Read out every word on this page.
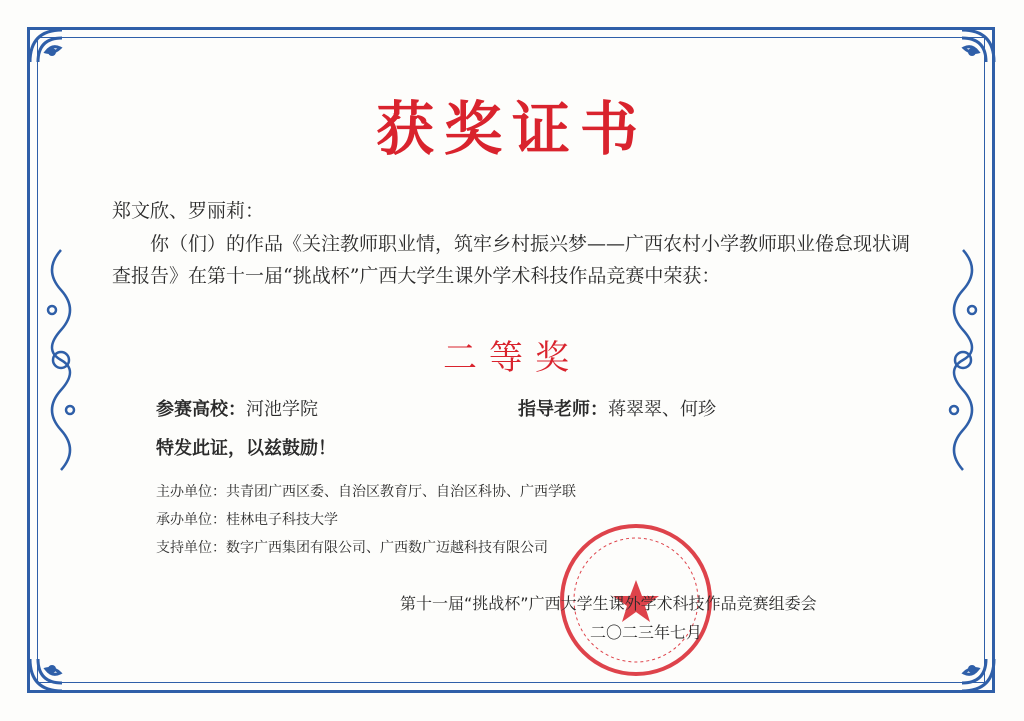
获奖证书
郑文欣、罗丽莉：
你（们）的作品《关注教师职业情，筑牢乡村振兴梦——广西农村小学教师职业倦怠现状调查报告》在第十一届“挑战杯”广西大学生课外学术科技作品竞赛中荣获：
二等奖
参赛高校：河池学院	指导老师：蒋翠翠、何珍
特发此证，以兹鼓励！
主办单位：共青团广西区委、自治区教育厅、自治区科协、广西学联
承办单位：桂林电子科技大学
支持单位：数字广西集团有限公司、广西数广迈越科技有限公司
第十一届“挑战杯”广西大学生课外学术科技作品竞赛组委会
二〇二三年七月
